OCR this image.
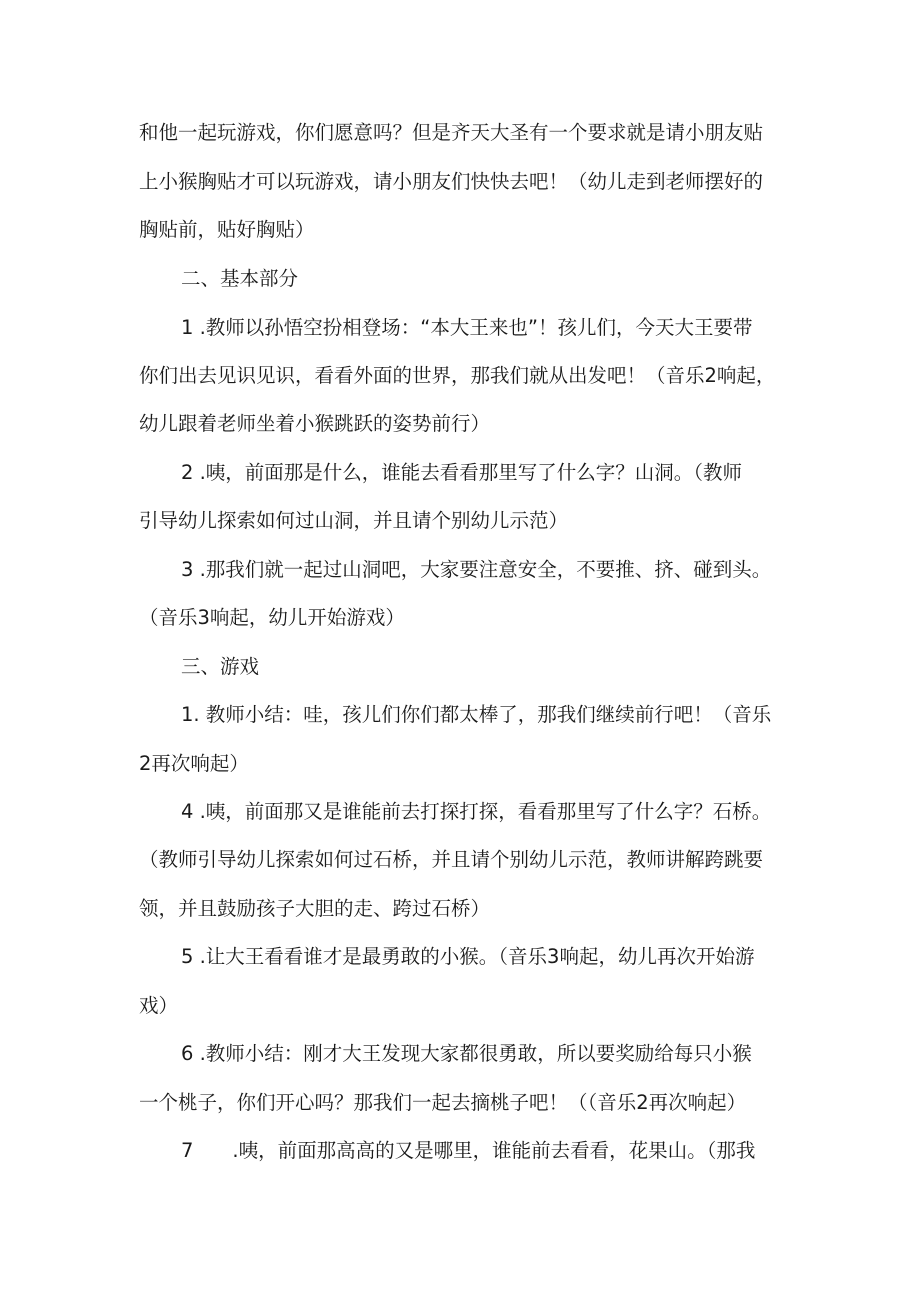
和他一起玩游戏，你们愿意吗？但是齐天大圣有一个要求就是请小朋友贴
上小猴胸贴才可以玩游戏，请小朋友们快快去吧！（幼儿走到老师摆好的
胸贴前，贴好胸贴）
二、基本部分
1 .教师以孙悟空扮相登场：“本大王来也”！孩儿们，今天大王要带
你们出去见识见识，看看外面的世界，那我们就从出发吧！（音乐2响起，
幼儿跟着老师坐着小猴跳跃的姿势前行）
2 .咦，前面那是什么，谁能去看看那里写了什么字？山洞。（教师
引导幼儿探索如何过山洞，并且请个别幼儿示范）
3 .那我们就一起过山洞吧，大家要注意安全，不要推、挤、碰到头。
（音乐3响起，幼儿开始游戏）
三、游戏
1. 教师小结：哇，孩儿们你们都太棒了，那我们继续前行吧！（音乐
2再次响起）
4 .咦，前面那又是谁能前去打探打探，看看那里写了什么字？石桥。
（教师引导幼儿探索如何过石桥，并且请个别幼儿示范，教师讲解跨跳要
领，并且鼓励孩子大胆的走、跨过石桥）
5 .让大王看看谁才是最勇敢的小猴。（音乐3响起，幼儿再次开始游
戏）
6 .教师小结：刚才大王发现大家都很勇敢，所以要奖励给每只小猴
一个桃子，你们开心吗？那我们一起去摘桃子吧！（（音乐2再次响起）
7　　.咦，前面那高高的又是哪里，谁能前去看看，花果山。（那我
